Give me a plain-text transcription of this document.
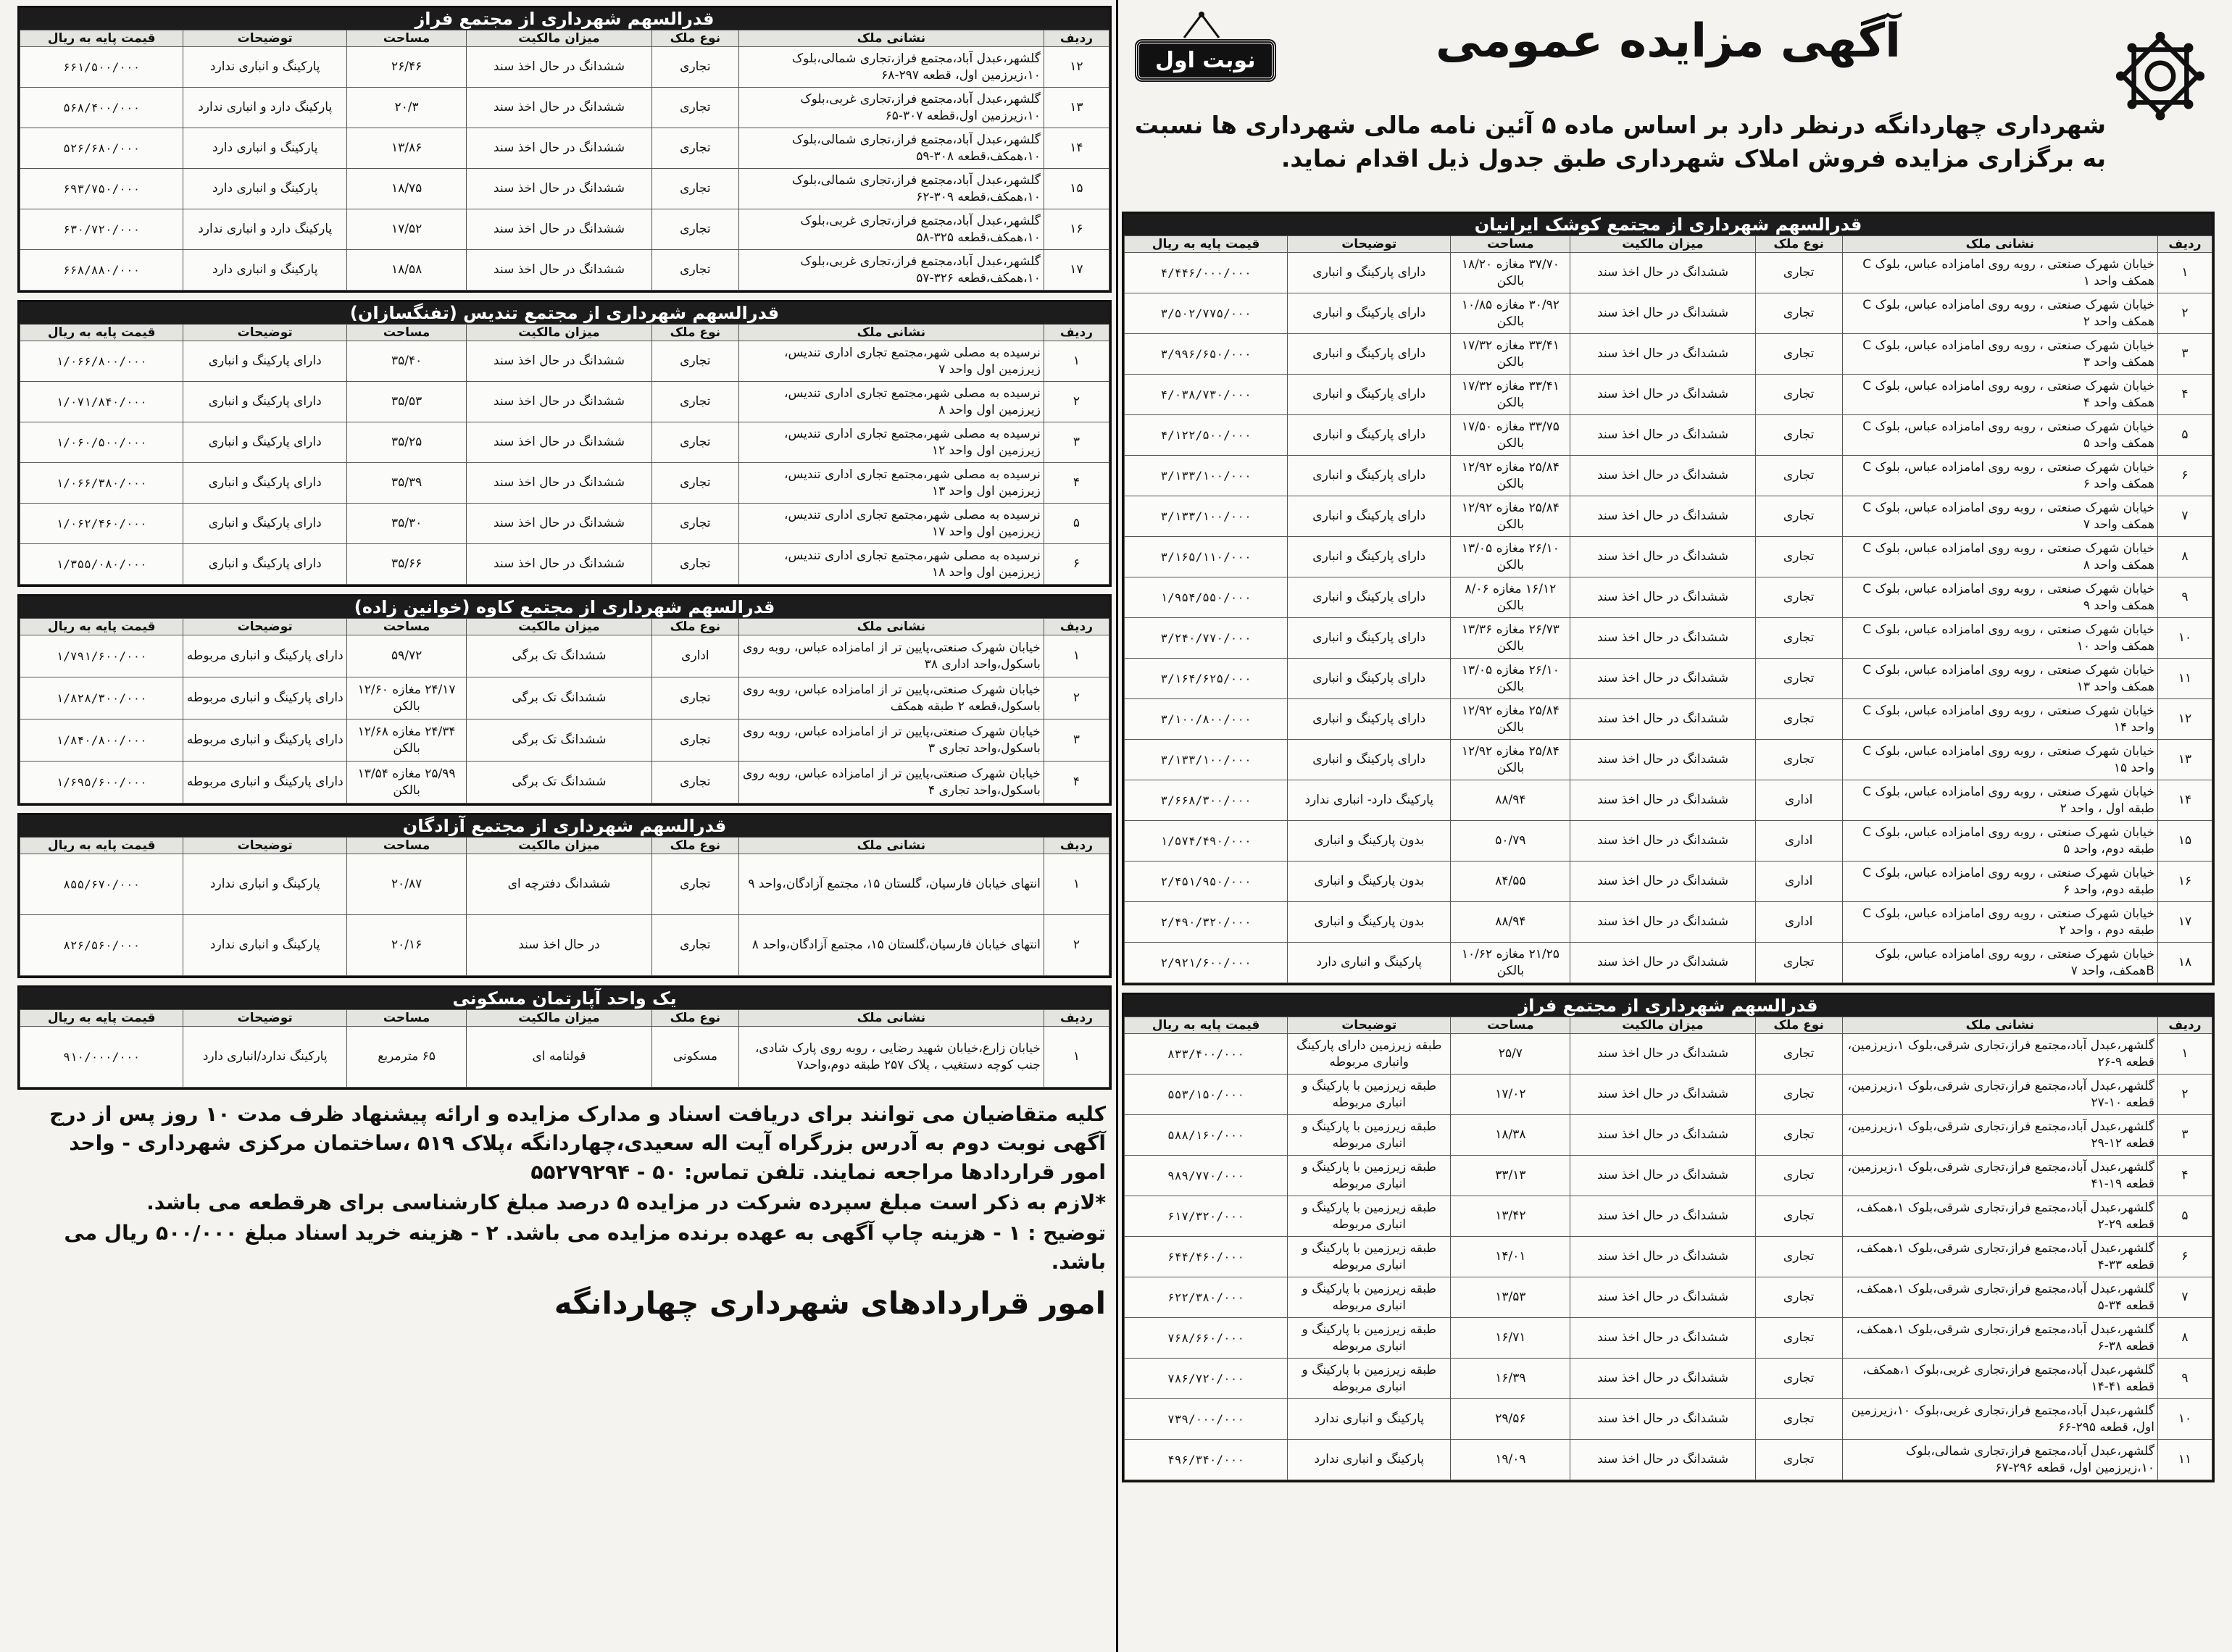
قدرالسهم شهرداری از مجتمع فراز
ردیف	نشانی ملک	نوع ملک	میزان مالکیت	مساحت	توضیحات	قیمت پایه به ریال
۱۲	گلشهر،عبدل آباد،مجتمع فراز،تجاری شمالی،بلوک ۱۰،زیرزمین اول، قطعه ۲۹۷-۶۸	تجاری	ششدانگ در حال اخذ سند	۲۶/۴۶	پارکینگ و انباری ندارد	۶۶۱/۵۰۰/۰۰۰
۱۳	گلشهر،عبدل آباد،مجتمع فراز،تجاری غربی،بلوک ۱۰،زیرزمین اول،قطعه ۳۰۷-۶۵	تجاری	ششدانگ در حال اخذ سند	۲۰/۳	پارکینگ دارد و انباری ندارد	۵۶۸/۴۰۰/۰۰۰
۱۴	گلشهر،عبدل آباد،مجتمع فراز،تجاری شمالی،بلوک ۱۰،همکف،قطعه ۳۰۸-۵۹	تجاری	ششدانگ در حال اخذ سند	۱۳/۸۶	پارکینگ و انباری دارد	۵۲۶/۶۸۰/۰۰۰
۱۵	گلشهر،عبدل آباد،مجتمع فراز،تجاری شمالی،بلوک ۱۰،همکف،قطعه ۳۰۹-۶۲	تجاری	ششدانگ در حال اخذ سند	۱۸/۷۵	پارکینگ و انباری دارد	۶۹۳/۷۵۰/۰۰۰
۱۶	گلشهر،عبدل آباد،مجتمع فراز،تجاری غربی،بلوک ۱۰،همکف،قطعه ۳۲۵-۵۸	تجاری	ششدانگ در حال اخذ سند	۱۷/۵۲	پارکینگ دارد و انباری ندارد	۶۳۰/۷۲۰/۰۰۰
۱۷	گلشهر،عبدل آباد،مجتمع فراز،تجاری غربی،بلوک ۱۰،همکف،قطعه ۳۲۶-۵۷	تجاری	ششدانگ در حال اخذ سند	۱۸/۵۸	پارکینگ و انباری دارد	۶۶۸/۸۸۰/۰۰۰
قدرالسهم شهرداری از مجتمع تندیس (تفنگسازان)
ردیف	نشانی ملک	نوع ملک	میزان مالکیت	مساحت	توضیحات	قیمت پایه به ریال
۱	نرسیده به مصلی شهر،مجتمع تجاری اداری تندیس، زیرزمین اول واحد ۷	تجاری	ششدانگ در حال اخذ سند	۳۵/۴۰	دارای پارکینگ و انباری	۱/۰۶۶/۸۰۰/۰۰۰
۲	نرسیده به مصلی شهر،مجتمع تجاری اداری تندیس، زیرزمین اول واحد ۸	تجاری	ششدانگ در حال اخذ سند	۳۵/۵۳	دارای پارکینگ و انباری	۱/۰۷۱/۸۴۰/۰۰۰
۳	نرسیده به مصلی شهر،مجتمع تجاری اداری تندیس، زیرزمین اول واحد ۱۲	تجاری	ششدانگ در حال اخذ سند	۳۵/۲۵	دارای پارکینگ و انباری	۱/۰۶۰/۵۰۰/۰۰۰
۴	نرسیده به مصلی شهر،مجتمع تجاری اداری تندیس، زیرزمین اول واحد ۱۳	تجاری	ششدانگ در حال اخذ سند	۳۵/۳۹	دارای پارکینگ و انباری	۱/۰۶۶/۳۸۰/۰۰۰
۵	نرسیده به مصلی شهر،مجتمع تجاری اداری تندیس، زیرزمین اول واحد ۱۷	تجاری	ششدانگ در حال اخذ سند	۳۵/۳۰	دارای پارکینگ و انباری	۱/۰۶۲/۴۶۰/۰۰۰
۶	نرسیده به مصلی شهر،مجتمع تجاری اداری تندیس، زیرزمین اول واحد ۱۸	تجاری	ششدانگ در حال اخذ سند	۳۵/۶۶	دارای پارکینگ و انباری	۱/۳۵۵/۰۸۰/۰۰۰
قدرالسهم شهرداری از مجتمع کاوه (خوانین زاده)
ردیف	نشانی ملک	نوع ملک	میزان مالکیت	مساحت	توضیحات	قیمت پایه به ریال
۱	خیابان شهرک صنعتی،پایین تر از امامزاده عباس، روبه روی باسکول،واحد اداری ۳۸	اداری	ششدانگ تک برگی	۵۹/۷۲	دارای پارکینگ و انباری مربوطه	۱/۷۹۱/۶۰۰/۰۰۰
۲	خیابان شهرک صنعتی،پایین تر از امامزاده عباس، روبه روی باسکول،قطعه ۲ طبقه همکف	تجاری	ششدانگ تک برگی	۲۴/۱۷ مغازه ۱۲/۶۰ بالکن	دارای پارکینگ و انباری مربوطه	۱/۸۲۸/۳۰۰/۰۰۰
۳	خیابان شهرک صنعتی،پایین تر از امامزاده عباس، روبه روی باسکول،واحد تجاری ۳	تجاری	ششدانگ تک برگی	۲۴/۳۴ مغازه ۱۲/۶۸ بالکن	دارای پارکینگ و انباری مربوطه	۱/۸۴۰/۸۰۰/۰۰۰
۴	خیابان شهرک صنعتی،پایین تر از امامزاده عباس، روبه روی باسکول،واحد تجاری ۴	تجاری	ششدانگ تک برگی	۲۵/۹۹ مغازه ۱۳/۵۴ بالکن	دارای پارکینگ و انباری مربوطه	۱/۶۹۵/۶۰۰/۰۰۰
قدرالسهم شهرداری از مجتمع آزادگان
ردیف	نشانی ملک	نوع ملک	میزان مالکیت	مساحت	توضیحات	قیمت پایه به ریال
۱	انتهای خیابان فارسیان، گلستان ۱۵، مجتمع آزادگان،واحد ۹	تجاری	ششدانگ دفترچه ای	۲۰/۸۷	پارکینگ و انباری ندارد	۸۵۵/۶۷۰/۰۰۰
۲	انتهای خیابان فارسیان،گلستان ۱۵، مجتمع آزادگان،واحد ۸	تجاری	در حال اخذ سند	۲۰/۱۶	پارکینگ و انباری ندارد	۸۲۶/۵۶۰/۰۰۰
یک واحد آپارتمان مسکونی
ردیف	نشانی ملک	نوع ملک	میزان مالکیت	مساحت	توضیحات	قیمت پایه به ریال
۱	خیابان زارع،خیابان شهید رضایی ، روبه روی پارک شادی، جنب کوچه دستغیب ، پلاک ۲۵۷ طبقه دوم،واحد۷	مسکونی	قولنامه ای	۶۵ مترمربع	پارکینگ ندارد/انباری دارد	۹۱۰/۰۰۰/۰۰۰

کلیه متقاضیان می توانند برای دریافت اسناد و مدارک مزایده و ارائه پیشنهاد ظرف مدت ۱۰ روز پس از درج آگهی نوبت دوم به آدرس بزرگراه آیت اله سعیدی،چهاردانگه ،پلاک ۵۱۹ ،ساختمان مرکزی شهرداری - واحد امور قراردادها مراجعه نمایند. تلفن تماس: ۵۰ - ۵۵۲۷۹۲۹۴

*لازم به ذکر است مبلغ سپرده شرکت در مزایده ۵ درصد مبلغ کارشناسی برای هرقطعه می باشد.

توضیح : ۱ - هزینه چاپ آگهی به عهده برنده مزایده می باشد. ۲ - هزینه خرید اسناد مبلغ ۵۰۰/۰۰۰ ریال می باشد.

امور قراردادهای شهرداری چهاردانگه
آگهی مزایده عمومی
نوبت اول
شهرداری چهاردانگه درنظر دارد بر اساس ماده ۵ آئین نامه مالی شهرداری ها نسبت به برگزاری مزایده فروش املاک شهرداری طبق جدول ذیل اقدام نماید.
قدرالسهم شهرداری از مجتمع کوشک ایرانیان
ردیف	نشانی ملک	نوع ملک	میزان مالکیت	مساحت	توضیحات	قیمت پایه به ریال
۱	خیابان شهرک صنعتی ، روبه روی امامزاده عباس، بلوک C همکف واحد ۱	تجاری	ششدانگ در حال اخذ سند	۳۷/۷۰ مغازه ۱۸/۲۰ بالکن	دارای پارکینگ و انباری	۴/۴۴۶/۰۰۰/۰۰۰
۲	خیابان شهرک صنعتی ، روبه روی امامزاده عباس، بلوک C همکف واحد ۲	تجاری	ششدانگ در حال اخذ سند	۳۰/۹۲ مغازه ۱۰/۸۵ بالکن	دارای پارکینگ و انباری	۳/۵۰۲/۷۷۵/۰۰۰
۳	خیابان شهرک صنعتی ، روبه روی امامزاده عباس، بلوک C همکف واحد ۳	تجاری	ششدانگ در حال اخذ سند	۳۳/۴۱ مغازه ۱۷/۳۲ بالکن	دارای پارکینگ و انباری	۳/۹۹۶/۶۵۰/۰۰۰
۴	خیابان شهرک صنعتی ، روبه روی امامزاده عباس، بلوک C همکف واحد ۴	تجاری	ششدانگ در حال اخذ سند	۳۳/۴۱ مغازه ۱۷/۳۲ بالکن	دارای پارکینگ و انباری	۴/۰۳۸/۷۳۰/۰۰۰
۵	خیابان شهرک صنعتی ، روبه روی امامزاده عباس، بلوک C همکف واحد ۵	تجاری	ششدانگ در حال اخذ سند	۳۳/۷۵ مغازه ۱۷/۵۰ بالکن	دارای پارکینگ و انباری	۴/۱۲۲/۵۰۰/۰۰۰
۶	خیابان شهرک صنعتی ، روبه روی امامزاده عباس، بلوک C همکف واحد ۶	تجاری	ششدانگ در حال اخذ سند	۲۵/۸۴ مغازه ۱۲/۹۲ بالکن	دارای پارکینگ و انباری	۳/۱۳۳/۱۰۰/۰۰۰
۷	خیابان شهرک صنعتی ، روبه روی امامزاده عباس، بلوک C همکف واحد ۷	تجاری	ششدانگ در حال اخذ سند	۲۵/۸۴ مغازه ۱۲/۹۲ بالکن	دارای پارکینگ و انباری	۳/۱۳۳/۱۰۰/۰۰۰
۸	خیابان شهرک صنعتی ، روبه روی امامزاده عباس، بلوک C همکف واحد ۸	تجاری	ششدانگ در حال اخذ سند	۲۶/۱۰ مغازه ۱۳/۰۵ بالکن	دارای پارکینگ و انباری	۳/۱۶۵/۱۱۰/۰۰۰
۹	خیابان شهرک صنعتی ، روبه روی امامزاده عباس، بلوک C همکف واحد ۹	تجاری	ششدانگ در حال اخذ سند	۱۶/۱۲ مغازه ۸/۰۶ بالکن	دارای پارکینگ و انباری	۱/۹۵۴/۵۵۰/۰۰۰
۱۰	خیابان شهرک صنعتی ، روبه روی امامزاده عباس، بلوک C همکف واحد ۱۰	تجاری	ششدانگ در حال اخذ سند	۲۶/۷۳ مغازه ۱۳/۳۶ بالکن	دارای پارکینگ و انباری	۳/۲۴۰/۷۷۰/۰۰۰
۱۱	خیابان شهرک صنعتی ، روبه روی امامزاده عباس، بلوک C همکف واحد ۱۳	تجاری	ششدانگ در حال اخذ سند	۲۶/۱۰ مغازه ۱۳/۰۵ بالکن	دارای پارکینگ و انباری	۳/۱۶۴/۶۲۵/۰۰۰
۱۲	خیابان شهرک صنعتی ، روبه روی امامزاده عباس، بلوک C واحد ۱۴	تجاری	ششدانگ در حال اخذ سند	۲۵/۸۴ مغازه ۱۲/۹۲ بالکن	دارای پارکینگ و انباری	۳/۱۰۰/۸۰۰/۰۰۰
۱۳	خیابان شهرک صنعتی ، روبه روی امامزاده عباس، بلوک C واحد ۱۵	تجاری	ششدانگ در حال اخذ سند	۲۵/۸۴ مغازه ۱۲/۹۲ بالکن	دارای پارکینگ و انباری	۳/۱۳۳/۱۰۰/۰۰۰
۱۴	خیابان شهرک صنعتی ، روبه روی امامزاده عباس، بلوک C طبقه اول ، واحد ۲	اداری	ششدانگ در حال اخذ سند	۸۸/۹۴	پارکینگ دارد- انباری ندارد	۳/۶۶۸/۳۰۰/۰۰۰
۱۵	خیابان شهرک صنعتی ، روبه روی امامزاده عباس، بلوک C طبقه دوم، واحد ۵	اداری	ششدانگ در حال اخذ سند	۵۰/۷۹	بدون پارکینگ و انباری	۱/۵۷۴/۴۹۰/۰۰۰
۱۶	خیابان شهرک صنعتی ، روبه روی امامزاده عباس، بلوک C طبقه دوم، واحد ۶	اداری	ششدانگ در حال اخذ سند	۸۴/۵۵	بدون پارکینگ و انباری	۲/۴۵۱/۹۵۰/۰۰۰
۱۷	خیابان شهرک صنعتی ، روبه روی امامزاده عباس، بلوک C طبقه دوم ، واحد ۲	اداری	ششدانگ در حال اخذ سند	۸۸/۹۴	بدون پارکینگ و انباری	۲/۴۹۰/۳۲۰/۰۰۰
۱۸	خیابان شهرک صنعتی ، روبه روی امامزاده عباس، بلوک Bهمکف، واحد ۷	تجاری	ششدانگ در حال اخذ سند	۲۱/۲۵ مغازه ۱۰/۶۲ بالکن	پارکینگ و انباری دارد	۲/۹۲۱/۶۰۰/۰۰۰
قدرالسهم شهرداری از مجتمع فراز
ردیف	نشانی ملک	نوع ملک	میزان مالکیت	مساحت	توضیحات	قیمت پایه به ریال
۱	گلشهر،عبدل آباد،مجتمع فراز،تجاری شرقی،بلوک ۱،زیرزمین، قطعه ۹-۲۶	تجاری	ششدانگ در حال اخذ سند	۲۵/۷	طبقه زیرزمین دارای پارکینگ وانباری مربوطه	۸۳۳/۴۰۰/۰۰۰
۲	گلشهر،عبدل آباد،مجتمع فراز،تجاری شرقی،بلوک ۱،زیرزمین، قطعه ۱۰-۲۷	تجاری	ششدانگ در حال اخذ سند	۱۷/۰۲	طبقه زیرزمین با پارکینگ و انباری مربوطه	۵۵۳/۱۵۰/۰۰۰
۳	گلشهر،عبدل آباد،مجتمع فراز،تجاری شرقی،بلوک ۱،زیرزمین، قطعه ۱۲-۲۹	تجاری	ششدانگ در حال اخذ سند	۱۸/۳۸	طبقه زیرزمین با پارکینگ و انباری مربوطه	۵۸۸/۱۶۰/۰۰۰
۴	گلشهر،عبدل آباد،مجتمع فراز،تجاری شرقی،بلوک ۱،زیرزمین، قطعه ۱۹-۴۱	تجاری	ششدانگ در حال اخذ سند	۳۳/۱۳	طبقه زیرزمین با پارکینگ و انباری مربوطه	۹۸۹/۷۷۰/۰۰۰
۵	گلشهر،عبدل آباد،مجتمع فراز،تجاری شرقی،بلوک ۱،همکف، قطعه ۲۹-۲	تجاری	ششدانگ در حال اخذ سند	۱۳/۴۲	طبقه زیرزمین با پارکینگ و انباری مربوطه	۶۱۷/۳۲۰/۰۰۰
۶	گلشهر،عبدل آباد،مجتمع فراز،تجاری شرقی،بلوک ۱،همکف، قطعه ۳۳-۴	تجاری	ششدانگ در حال اخذ سند	۱۴/۰۱	طبقه زیرزمین با پارکینگ و انباری مربوطه	۶۴۴/۴۶۰/۰۰۰
۷	گلشهر،عبدل آباد،مجتمع فراز،تجاری شرقی،بلوک ۱،همکف، قطعه ۳۴-۵	تجاری	ششدانگ در حال اخذ سند	۱۳/۵۳	طبقه زیرزمین با پارکینگ و انباری مربوطه	۶۲۲/۳۸۰/۰۰۰
۸	گلشهر،عبدل آباد،مجتمع فراز،تجاری شرقی،بلوک ۱،همکف، قطعه ۳۸-۶	تجاری	ششدانگ در حال اخذ سند	۱۶/۷۱	طبقه زیرزمین با پارکینگ و انباری مربوطه	۷۶۸/۶۶۰/۰۰۰
۹	گلشهر،عبدل آباد،مجتمع فراز،تجاری غربی،بلوک ۱،همکف، قطعه ۴۱-۱۴	تجاری	ششدانگ در حال اخذ سند	۱۶/۳۹	طبقه زیرزمین با پارکینگ و انباری مربوطه	۷۸۶/۷۲۰/۰۰۰
۱۰	گلشهر،عبدل آباد،مجتمع فراز،تجاری غربی،بلوک ۱۰،زیرزمین اول، قطعه ۲۹۵-۶۶	تجاری	ششدانگ در حال اخذ سند	۲۹/۵۶	پارکینگ و انباری ندارد	۷۳۹/۰۰۰/۰۰۰
۱۱	گلشهر،عبدل آباد،مجتمع فراز،تجاری شمالی،بلوک ۱۰،زیرزمین اول، قطعه ۲۹۶-۶۷	تجاری	ششدانگ در حال اخذ سند	۱۹/۰۹	پارکینگ و انباری ندارد	۴۹۶/۳۴۰/۰۰۰
